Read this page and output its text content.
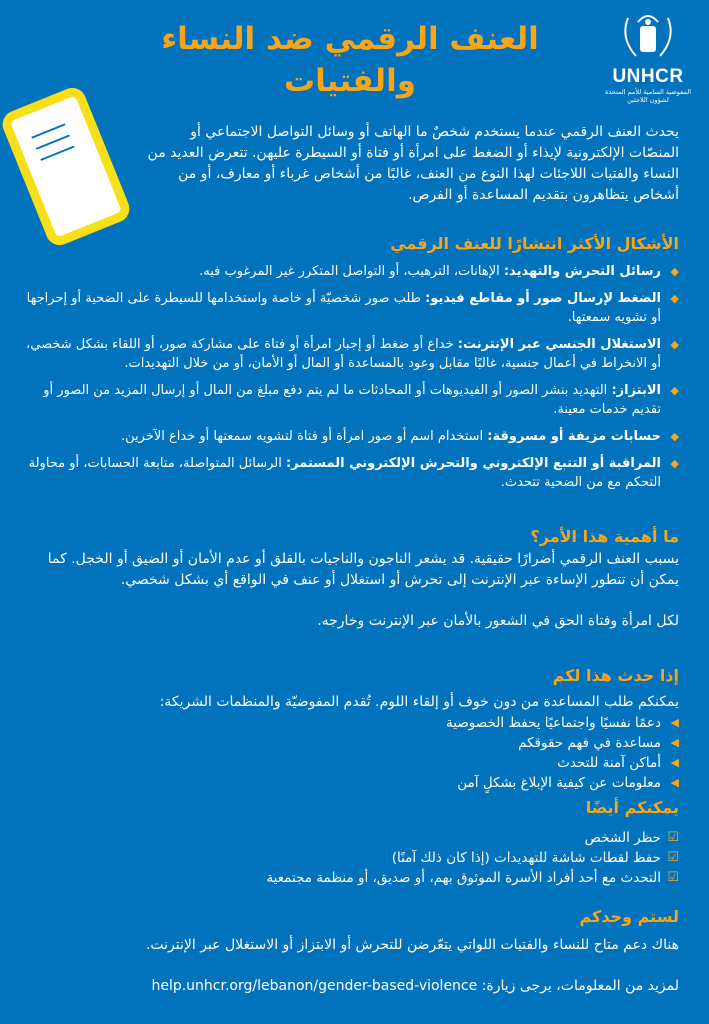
العنف الرقمي ضد النساء والفتيات	UNHCR
المفوضية السامية للأمم المتحدة لشؤون اللاجئين
يحدث العنف الرقمي عندما يستخدم شخصٌ ما الهاتف أو وسائل التواصل الاجتماعي أو المنصّات الإلكترونية لإيذاء أو الضغط على امرأة أو فتاة أو السيطرة عليهن. تتعرض العديد من النساء والفتيات اللاجئات لهذا النوع من العنف، غالبًا من أشخاص غرباء أو معارف، أو من أشخاص يتظاهرون بتقديم المساعدة أو الفرص.
الأشكال الأكثر انتشارًا للعنف الرقمي
◆
رسائل التحرش والتهديد: الإهانات، الترهيب، أو التواصل المتكرر غير المرغوب فيه.
◆
الضغط لإرسال صور أو مقاطع فيديو: طلب صور شخصيّة أو خاصة واستخدامها للسيطرة على الضحية أو إحراجها أو تشويه سمعتها.
◆
الاستغلال الجنسي عبر الإنترنت: خداع أو ضغط أو إجبار امرأة أو فتاة على مشاركة صور، أو اللقاء بشكل شخصي، أو الانخراط في أعمال جنسية، غالبًا مقابل وعود بالمساعدة أو المال أو الأمان، أو من خلال التهديدات.
◆
الابتزاز: التهديد بنشر الصور أو الفيديوهات أو المحادثات ما لم يتم دفع مبلغ من المال أو إرسال المزيد من الصور أو تقديم خدمات معينة.
◆
حسابات مزيفة أو مسروقة: استخدام اسم أو صور امرأة أو فتاة لتشويه سمعتها أو خداع الآخرين.
◆
المراقبة أو التتبع الإلكتروني والتحرش الإلكتروني المستمر: الرسائل المتواصلة، متابعة الحسابات، أو محاولة التحكم مع من الضحية تتحدث.
ما أهمية هذا الأمر؟
يسبب العنف الرقمي أضرارًا حقيقية. قد يشعر الناجون والناجيات بالقلق أو عدم الأمان أو الضيق أو الخجل. كما يمكن أن تتطور الإساءة عبر الإنترنت إلى تحرش أو استغلال أو عنف في الواقع أي بشكل شخصي.
لكل امرأة وفتاة الحق في الشعور بالأمان عبر الإنترنت وخارجه.
إذا حدث هذا لكم
يمكنكم طلب المساعدة من دون خوف أو إلقاء اللوم. تُقدم المفوضيّة والمنظمات الشريكة:
◀
دعمًا نفسيًا واجتماعيًا يحفظ الخصوصية
◀
مساعدة في فهم حقوقكم
◀
أماكن آمنة للتحدث
◀
معلومات عن كيفية الإبلاغ بشكلٍ آمن
يمكنكم أيضًا
☑
حظر الشخص
☑
حفظ لقطات شاشة للتهديدات (إذا كان ذلك آمنًا)
☑
التحدث مع أحد أفراد الأسرة الموثوق بهم، أو صديق، أو منظمة مجتمعية
لستم وحدكم
هناك دعم متاح للنساء والفتيات اللواتي يتعّرضن للتحرش أو الابتزاز أو الاستغلال عبر الإنترنت.
لمزيد من المعلومات، يرجى زيارة: help.unhcr.org/lebanon/gender-based-violence
